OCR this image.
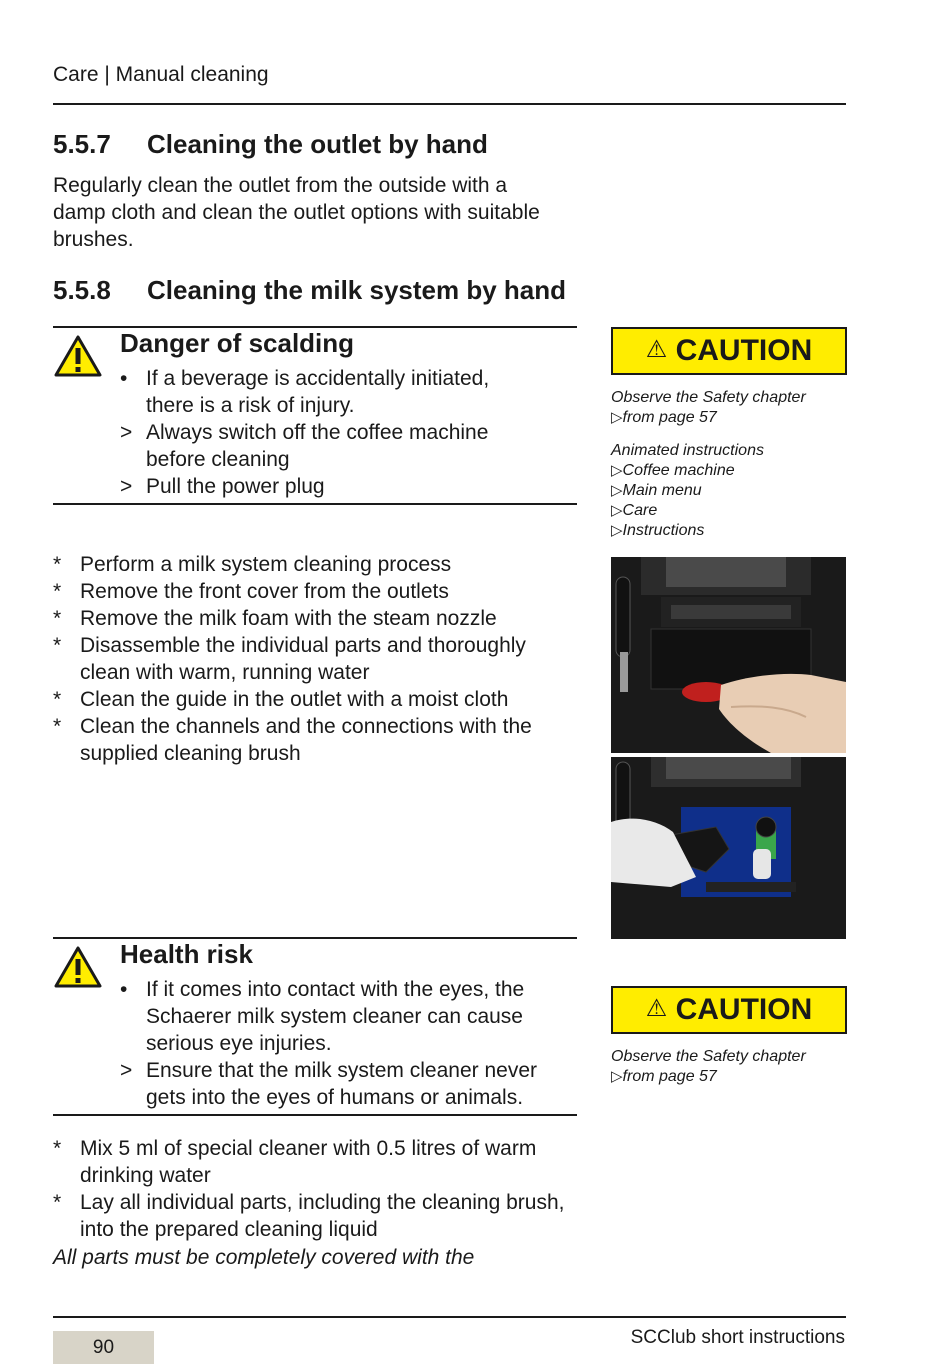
Care | Manual cleaning
5.5.7 Cleaning the outlet by hand
Regularly clean the outlet from the outside with a
damp cloth and clean the outlet options with suitable
brushes.
5.5.8 Cleaning the milk system by hand
Danger of scalding
• If a beverage is accidentally initiated, there is a risk of injury.
> Always switch off the coffee machine before cleaning
> Pull the power plug
* Perform a milk system cleaning process
* Remove the front cover from the outlets
* Remove the milk foam with the steam nozzle
* Disassemble the individual parts and thoroughly clean with warm, running water
* Clean the guide in the outlet with a moist cloth
* Clean the channels and the connections with the supplied cleaning brush
Health risk
• If it comes into contact with the eyes, the Schaerer milk system cleaner can cause serious eye injuries.
> Ensure that the milk system cleaner never gets into the eyes of humans or animals.
* Mix 5 ml of special cleaner with 0.5 litres of warm drinking water
* Lay all individual parts, including the cleaning brush, into the prepared cleaning liquid
All parts must be completely covered with the
⚠ CAUTION
Observe the Safety chapter
▷from page 57
Animated instructions
▷Coffee machine
▷Main menu
▷Care
▷Instructions
⚠ CAUTION
Observe the Safety chapter
▷from page 57
90	SCClub short instructions
